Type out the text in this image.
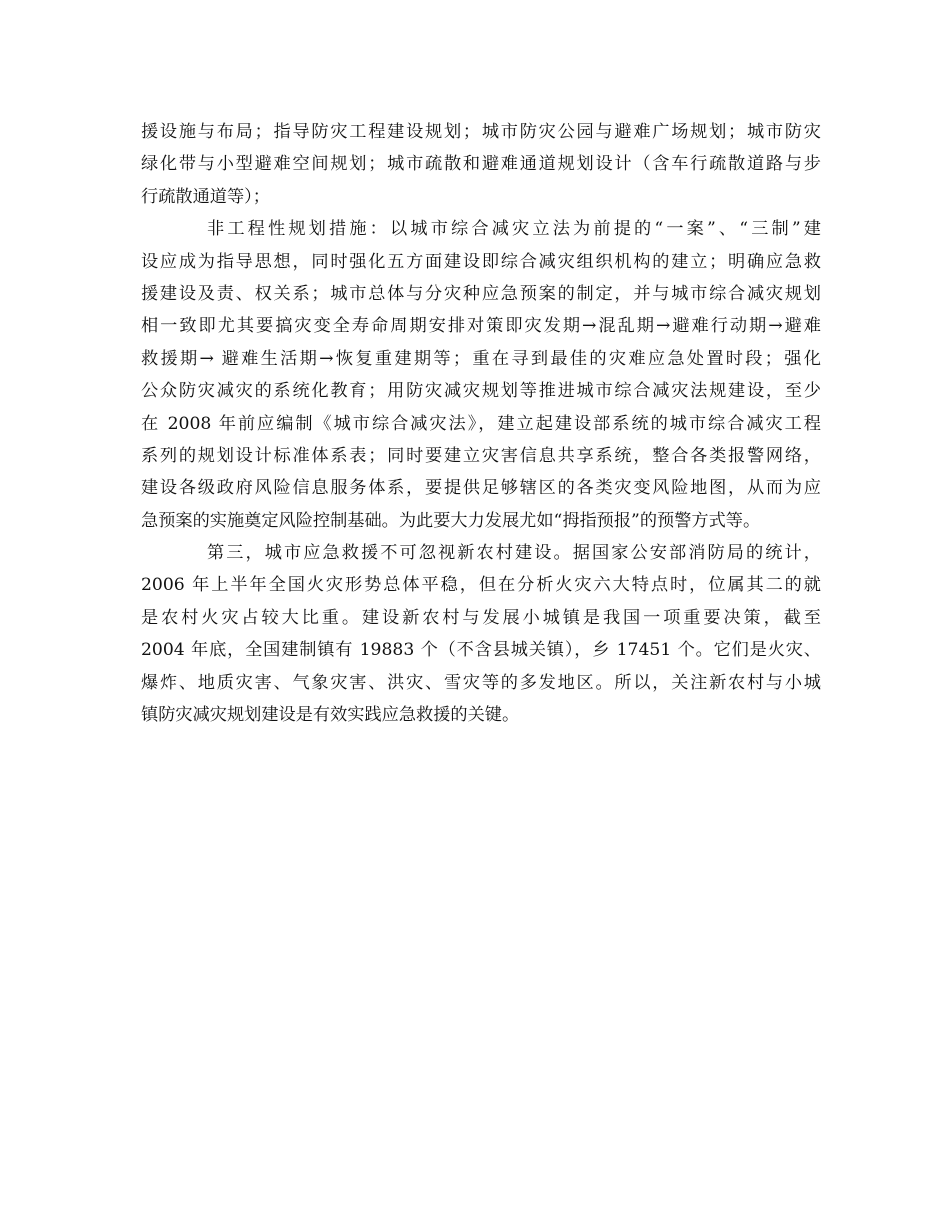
援设施与布局；指导防灾工程建设规划；城市防灾公园与避难广场规划；城市防灾
绿化带与小型避难空间规划；城市疏散和避难通道规划设计（含车行疏散道路与步
行疏散通道等）；
非工程性规划措施：以城市综合减灾立法为前提的“一案”、“三制”建
设应成为指导思想，同时强化五方面建设即综合减灾组织机构的建立；明确应急救
援建设及责、权关系；城市总体与分灾种应急预案的制定，并与城市综合减灾规划
相一致即尤其要搞灾变全寿命周期安排对策即灾发期→混乱期→避难行动期→避难
救援期→ 避难生活期→恢复重建期等；重在寻到最佳的灾难应急处置时段；强化
公众防灾减灾的系统化教育；用防灾减灾规划等推进城市综合减灾法规建设，至少
在 2008 年前应编制《城市综合减灾法》，建立起建设部系统的城市综合减灾工程
系列的规划设计标准体系表；同时要建立灾害信息共享系统，整合各类报警网络，
建设各级政府风险信息服务体系，要提供足够辖区的各类灾变风险地图，从而为应
急预案的实施奠定风险控制基础。为此要大力发展尤如“拇指预报”的预警方式等。
第三，城市应急救援不可忽视新农村建设。据国家公安部消防局的统计，
2006 年上半年全国火灾形势总体平稳，但在分析火灾六大特点时，位属其二的就
是农村火灾占较大比重。建设新农村与发展小城镇是我国一项重要决策，截至
2004 年底，全国建制镇有 19883 个（不含县城关镇），乡 17451 个。它们是火灾、
爆炸、地质灾害、气象灾害、洪灾、雪灾等的多发地区。所以，关注新农村与小城
镇防灾减灾规划建设是有效实践应急救援的关键。
